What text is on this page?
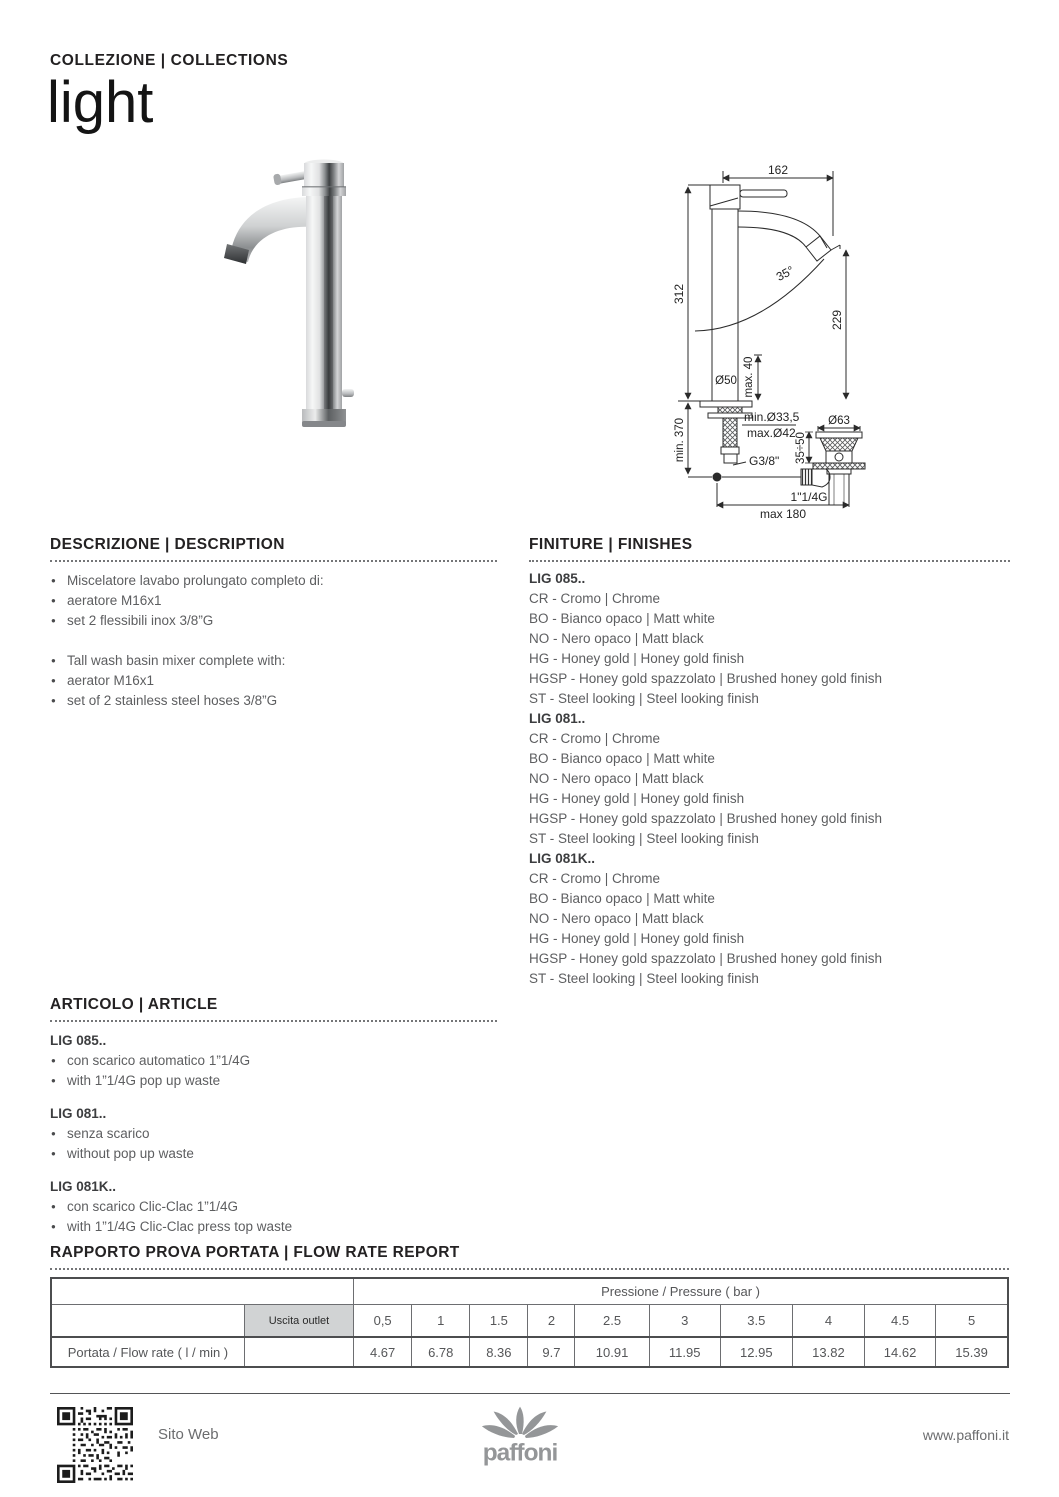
COLLEZIONE | COLLECTIONS
light
162
312
35°
229
Ø50 max. 40
min. 370
min.Ø33,5
max.Ø42
G3/8"
Ø63
35÷50
1"1/4G
max 180
DESCRIZIONE | DESCRIPTION
● Miscelatore lavabo prolungato completo di:
● aeratore M16x1
● set 2 flessibili inox 3/8”G
● Tall wash basin mixer complete with:
● aerator M16x1
● set of 2 stainless steel hoses 3/8”G
FINITURE | FINISHES
LIG 085..
CR - Cromo | Chrome
BO - Bianco opaco | Matt white
NO - Nero opaco | Matt black
HG - Honey gold | Honey gold finish
HGSP - Honey gold spazzolato | Brushed honey gold finish
ST - Steel looking | Steel looking finish
LIG 081..
CR - Cromo | Chrome
BO - Bianco opaco | Matt white
NO - Nero opaco | Matt black
HG - Honey gold | Honey gold finish
HGSP - Honey gold spazzolato | Brushed honey gold finish
ST - Steel looking | Steel looking finish
LIG 081K..
CR - Cromo | Chrome
BO - Bianco opaco | Matt white
NO - Nero opaco | Matt black
HG - Honey gold | Honey gold finish
HGSP - Honey gold spazzolato | Brushed honey gold finish
ST - Steel looking | Steel looking finish
ARTICOLO | ARTICLE
LIG 085..
● con scarico automatico 1”1/4G
● with 1”1/4G pop up waste
LIG 081..
● senza scarico
● without pop up waste
LIG 081K..
● con scarico Clic-Clac 1”1/4G
● with 1”1/4G Clic-Clac press top waste
RAPPORTO PROVA PORTATA | FLOW RATE REPORT
		Pressione / Pressure ( bar )									
	Uscita outlet	0,5	1	1.5	2	2.5	3	3.5	4	4.5	5
Portata / Flow rate ( l / min )		4.67	6.78	8.36	9.7	10.91	11.95	12.95	13.82	14.62	15.39
Sito Web
paffoni
www.paffoni.it
